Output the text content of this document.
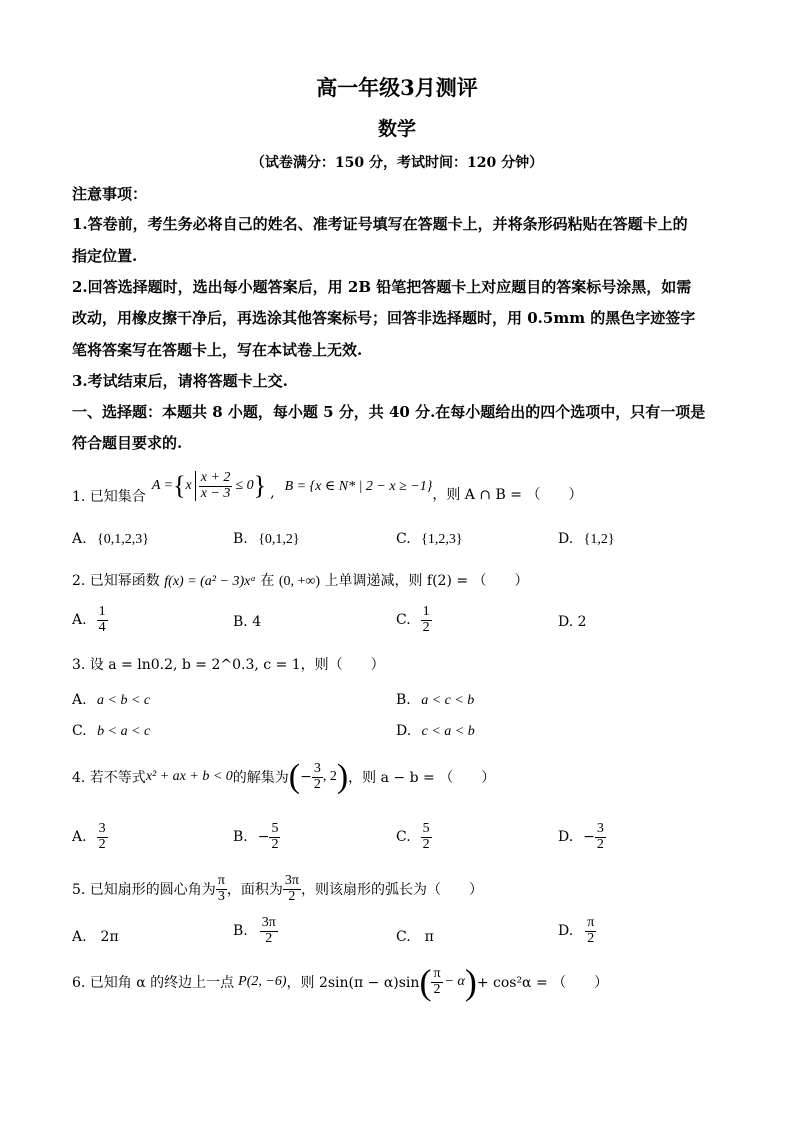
高一年级3月测评
数学
（试卷满分：150 分，考试时间：120 分钟）
注意事项：
1.答卷前，考生务必将自己的姓名、准考证号填写在答题卡上，并将条形码粘贴在答题卡上的
指定位置.
2.回答选择题时，选出每小题答案后，用 2B 铅笔把答题卡上对应题目的答案标号涂黑，如需
改动，用橡皮擦干净后，再选涂其他答案标号；回答非选择题时，用 0.5mm 的黑色字迹签字
笔将答案写在答题卡上，写在本试卷上无效.
3.考试结束后，请将答题卡上交.
一、选择题：本题共 8 小题，每小题 5 分，共 40 分.在每小题给出的四个选项中，只有一项是
符合题目要求的.
1. 已知集合
A = { x $\frac{x + 2}{x - 3} \le 0$ } , B = {x ∈ N* | 2 − x ≥ −1}
，则 A ∩ B = （　　）
A. {0,1,2,3}	B. {0,1,2}	C. {1,2,3}	D. {1,2}
2. 已知幂函数 f(x) = (a² − 3)xᵃ 在 (0, +∞) 上单调递减，则 f(2) = （　　）
A. $\frac{1}{4}$	B. 4	C. $\frac{1}{2}$	D. 2
3. 设 a = ln0.2, b = 2^0.3, c = 1，则（　　）
A. a < b < c	B. a < c < b
C. b < a < c	D. c < a < b
4. 若不等式 x² + ax + b < 0 的解集为 ( − $\frac{3}{2}$ , 2 ) ，则 a − b = （　　）
A. $\frac{3}{2}$	B. − $\frac{5}{2}$	C. $\frac{5}{2}$	D. − $\frac{3}{2}$
5. 已知扇形的圆心角为 $\frac{\pi}{3}$ ，面积为 $\frac{3\pi}{2}$ ，则该扇形的弧长为（　　）
A.　2π	B. $\frac{3\pi}{2}$	C.　π	D. $\frac{\pi}{2}$
6. 已知角 α 的终边上一点 P(2, −6) ，则 2sin(π − α)sin ( $\frac{\pi}{2} - \alpha$ ) + cos²α = （　　）
